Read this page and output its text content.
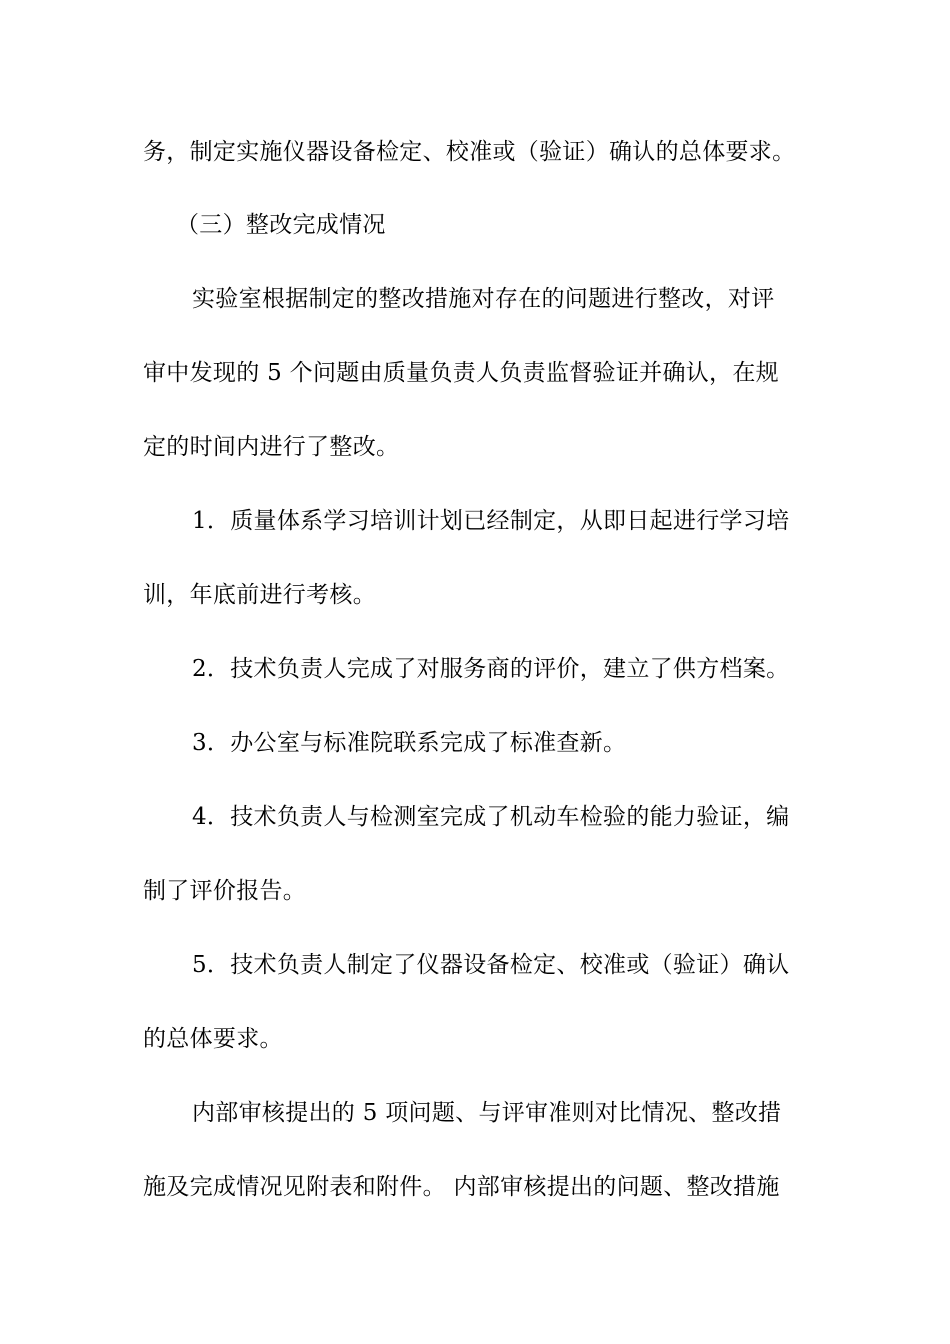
务，制定实施仪器设备检定、校准或（验证）确认的总体要求。
（三）整改完成情况
实验室根据制定的整改措施对存在的问题进行整改，对评
审中发现的 5 个问题由质量负责人负责监督验证并确认，在规
定的时间内进行了整改。
1．质量体系学习培训计划已经制定，从即日起进行学习培
训，年底前进行考核。
2．技术负责人完成了对服务商的评价，建立了供方档案。
3．办公室与标准院联系完成了标准查新。
4．技术负责人与检测室完成了机动车检验的能力验证，编
制了评价报告。
5．技术负责人制定了仪器设备检定、校准或（验证）确认
的总体要求。
内部审核提出的 5 项问题、与评审准则对比情况、整改措
施及完成情况见附表和附件。 内部审核提出的问题、整改措施
